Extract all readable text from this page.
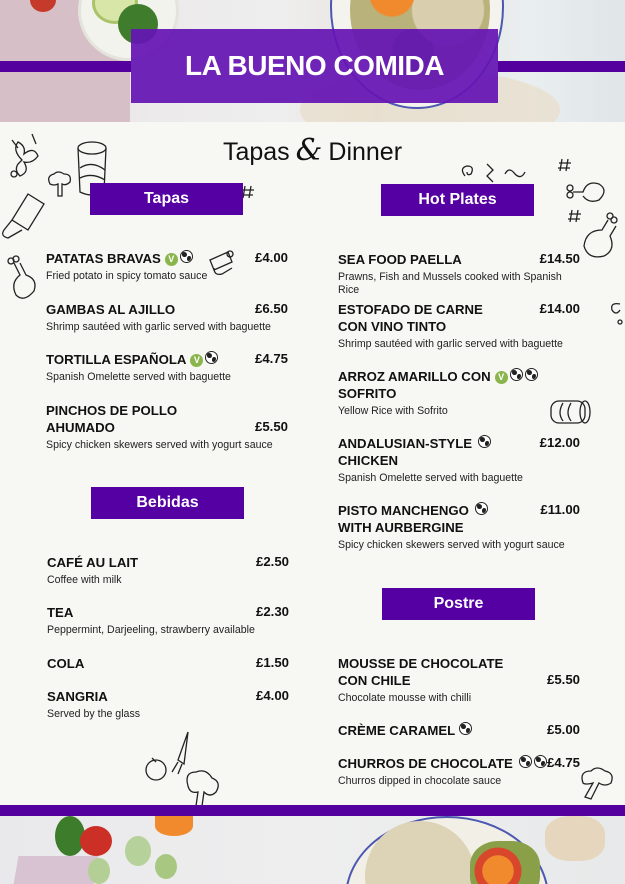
LA BUENO COMIDA
Tapas & Dinner
Tapas
PATATAS BRAVAS V
Fried potato in spicy tomato sauce
£4.00
GAMBAS AL AJILLO
Shrimp sautéed with garlic served with baguette
£6.50
TORTILLA ESPAÑOLA V
Spanish Omelette served with baguette
£4.75
PINCHOS DE POLLO
AHUMADO
Spicy chicken skewers served with yogurt sauce
£5.50
Bebidas
CAFÉ AU LAIT
Coffee with milk
£2.50
TEA
Peppermint, Darjeeling, strawberry available
£2.30
COLA	£1.50
SANGRIA
Served by the glass
£4.00
Hot Plates
SEA FOOD PAELLA
Prawns, Fish and Mussels cooked with Spanish Rice
£14.50
ESTOFADO DE CARNE
CON VINO TINTO
Shrimp sautéed with garlic served with baguette
£14.00
ARROZ AMARILLO CON V
SOFRITO
Yellow Rice with Sofrito
ANDALUSIAN-STYLE
CHICKEN
Spanish Omelette served with baguette
£12.00
PISTO MANCHENGO
WITH AURBERGINE
Spicy chicken skewers served with yogurt sauce
£11.00
Postre
MOUSSE DE CHOCOLATE
CON CHILE
Chocolate mousse with chilli
£5.50
CRÈME CARAMEL	£5.00
CHURROS DE CHOCOLATE
Churros dipped in chocolate sauce
£4.75
